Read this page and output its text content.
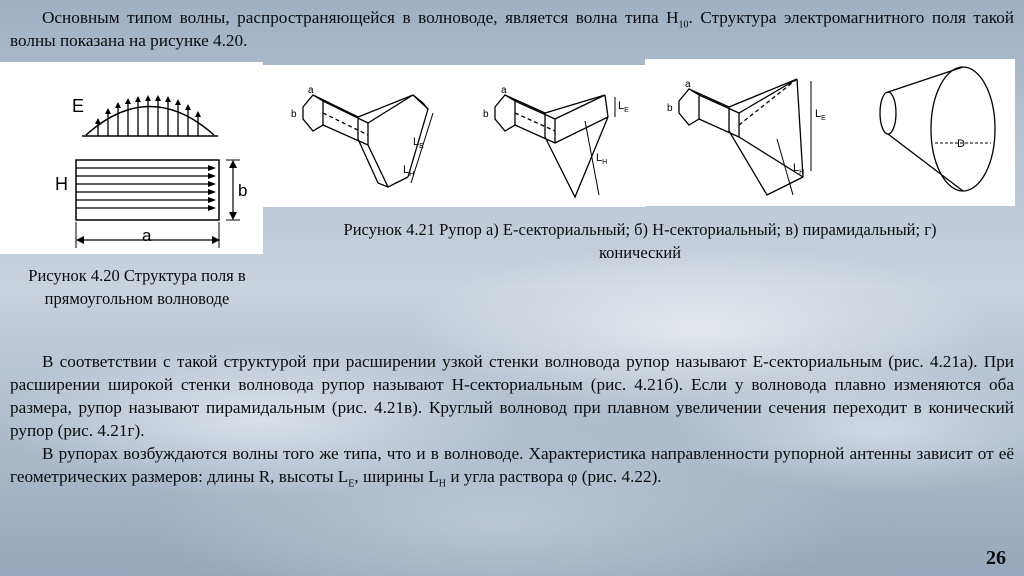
Основным типом волны, распространяющейся в волноводе, является волна типа $H_{10}$. Структура электромагнитного поля такой волны показана на рисунке 4.20.
E
H	b
a
b
a
$L_E$
$L_H$
b
a
$L_E$
$L_H$
b
a
$L_E$
$L_H$
D
Рисунок 4.21 Рупор а) Е-секториальный; б) Н-секториальный; в) пирамидальный; г) конический
Рисунок 4.20 Структура поля в прямоугольном волноводе

В соответствии с такой структурой при расширении узкой стенки волновода рупор называют Е-секториальным (рис. 4.21а). При расширении широкой стенки волновода рупор называют Н-секториальным (рис. 4.21б). Если у волновода плавно изменяются оба размера, рупор называют пирамидальным (рис. 4.21в). Круглый волновод при плавном увеличении сечения переходит в конический рупор (рис. 4.21г).

В рупорах возбуждаются волны того же типа, что и в волноводе. Характеристика направленности рупорной антенны зависит от её геометрических размеров: длины R, высоты $L_E$, ширины $L_H$ и угла раствора φ (рис. 4.22).

26
